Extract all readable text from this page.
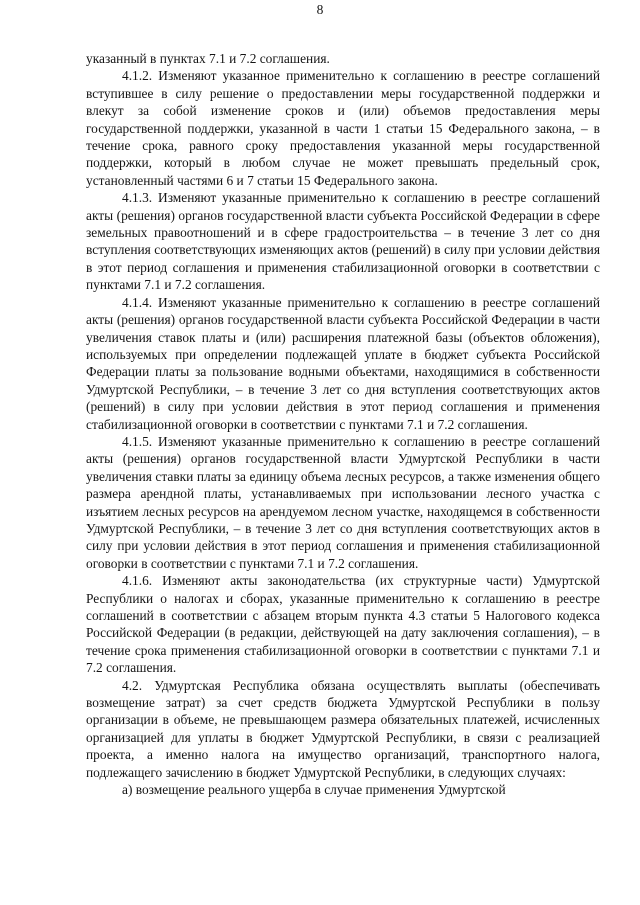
8

указанный в пунктах 7.1 и 7.2 соглашения.

4.1.2. Изменяют указанное применительно к соглашению в реестре соглашений вступившее в силу решение о предоставлении меры государственной поддержки и влекут за собой изменение сроков и (или) объемов предоставления меры государственной поддержки, указанной в части 1 статьи 15 Федерального закона, – в течение срока, равного сроку предоставления указанной меры государственной поддержки, который в любом случае не может превышать предельный срок, установленный частями 6 и 7 статьи 15 Федерального закона.

4.1.3. Изменяют указанные применительно к соглашению в реестре соглашений акты (решения) органов государственной власти субъекта Российской Федерации в сфере земельных правоотношений и в сфере градостроительства – в течение 3 лет со дня вступления соответствующих изменяющих актов (решений) в силу при условии действия в этот период соглашения и применения стабилизационной оговорки в соответствии с пунктами 7.1 и 7.2 соглашения.

4.1.4. Изменяют указанные применительно к соглашению в реестре соглашений акты (решения) органов государственной власти субъекта Российской Федерации в части увеличения ставок платы и (или) расширения платежной базы (объектов обложения), используемых при определении подлежащей уплате в бюджет субъекта Российской Федерации платы за пользование водными объектами, находящимися в собственности Удмуртской Республики, – в течение 3 лет со дня вступления соответствующих актов (решений) в силу при условии действия в этот период соглашения и применения стабилизационной оговорки в соответствии с пунктами 7.1 и 7.2 соглашения.

4.1.5. Изменяют указанные применительно к соглашению в реестре соглашений акты (решения) органов государственной власти Удмуртской Республики в части увеличения ставки платы за единицу объема лесных ресурсов, а также изменения общего размера арендной платы, устанавливаемых при использовании лесного участка с изъятием лесных ресурсов на арендуемом лесном участке, находящемся в собственности Удмуртской Республики, – в течение 3 лет со дня вступления соответствующих актов в силу при условии действия в этот период соглашения и применения стабилизационной оговорки в соответствии с пунктами 7.1 и 7.2 соглашения.

4.1.6. Изменяют акты законодательства (их структурные части) Удмуртской Республики о налогах и сборах, указанные применительно к соглашению в реестре соглашений в соответствии с абзацем вторым пункта 4.3 статьи 5 Налогового кодекса Российской Федерации (в редакции, действующей на дату заключения соглашения), – в течение срока применения стабилизационной оговорки в соответствии с пунктами 7.1 и 7.2 соглашения.

4.2. Удмуртская Республика обязана осуществлять выплаты (обеспечивать возмещение затрат) за счет средств бюджета Удмуртской Республики в пользу организации в объеме, не превышающем размера обязательных платежей, исчисленных организацией для уплаты в бюджет Удмуртской Республики, в связи с реализацией проекта, а именно налога на имущество организаций, транспортного налога, подлежащего зачислению в бюджет Удмуртской Республики, в следующих случаях:

а) возмещение реального ущерба в случае применения Удмуртской
